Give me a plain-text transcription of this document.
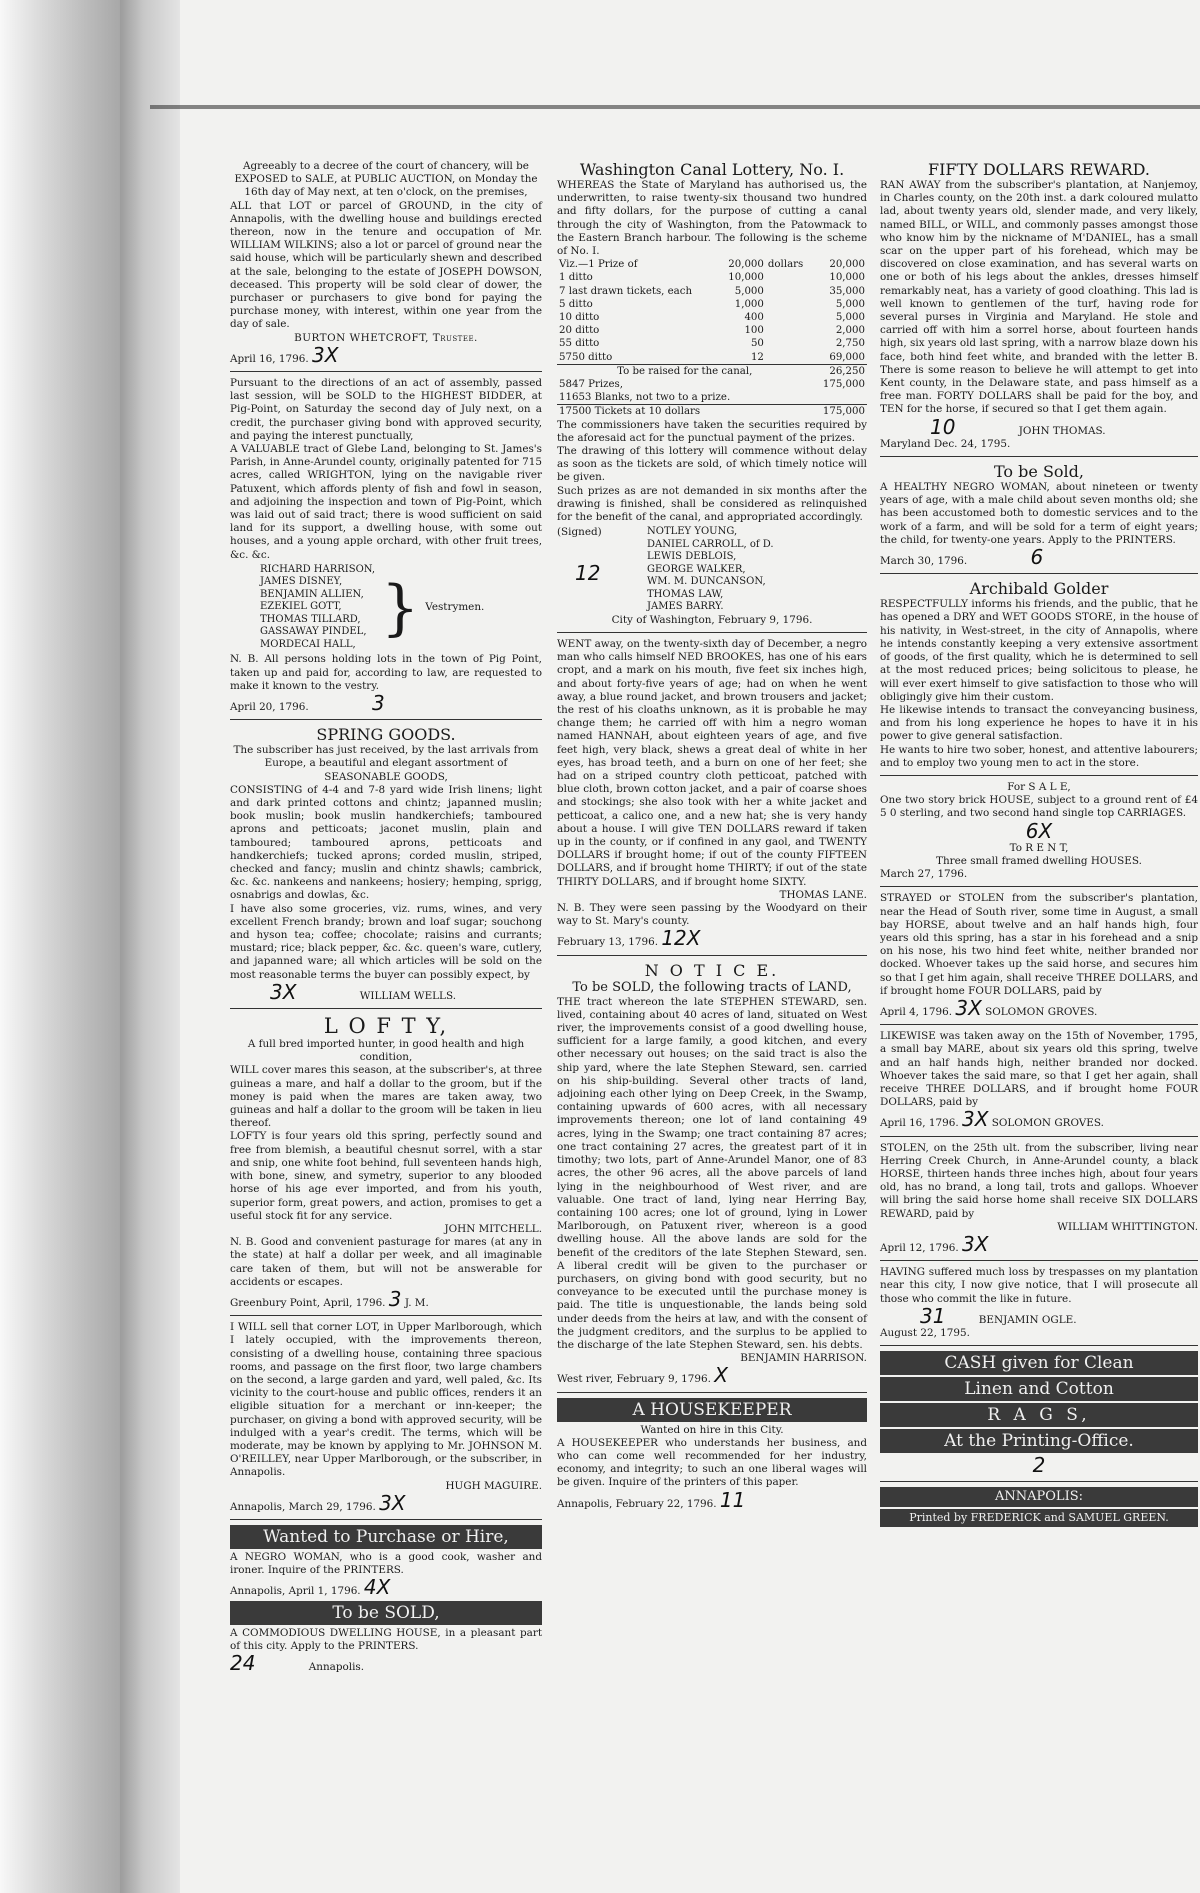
Agreeably to a decree of the court of chancery, will be EXPOSED to SALE, at PUBLIC AUCTION, on Monday the 16th day of May next, at ten o'clock, on the premises,

ALL that LOT or parcel of GROUND, in the city of Annapolis, with the dwelling house and buildings erected thereon, now in the tenure and occupation of Mr. WILLIAM WILKINS; also a lot or parcel of ground near the said house, which will be particularly shewn and described at the sale, belonging to the estate of JOSEPH DOWSON, deceased. This property will be sold clear of dower, the purchaser or purchasers to give bond for paying the purchase money, with interest, within one year from the day of sale.

BURTON WHETCROFT, Trustee.

April 16, 1796. 3X

Pursuant to the directions of an act of assembly, passed last session, will be SOLD to the HIGHEST BIDDER, at Pig-Point, on Saturday the second day of July next, on a credit, the purchaser giving bond with approved security, and paying the interest punctually,

A VALUABLE tract of Glebe Land, belonging to St. James's Parish, in Anne-Arundel county, originally patented for 715 acres, called WRIGHTON, lying on the navigable river Patuxent, which affords plenty of fish and fowl in season, and adjoining the inspection and town of Pig-Point, which was laid out of said tract; there is wood sufficient on said land for its support, a dwelling house, with some out houses, and a young apple orchard, with other fruit trees, &c. &c.

RICHARD HARRISON,
JAMES DISNEY,
BENJAMIN ALLIEN,
EZEKIEL GOTT,
THOMAS TILLARD,
GASSAWAY PINDEL,
MORDECAI HALL,
} Vestrymen.

N. B. All persons holding lots in the town of Pig Point, taken up and paid for, according to law, are requested to make it known to the vestry.

April 20, 1796.	3

SPRING GOODS.

The subscriber has just received, by the last arrivals from Europe, a beautiful and elegant assortment of

SEASONABLE GOODS,

CONSISTING of 4-4 and 7-8 yard wide Irish linens; light and dark printed cottons and chintz; japanned muslin; book muslin; book muslin handkerchiefs; tamboured aprons and petticoats; jaconet muslin, plain and tamboured; tamboured aprons, petticoats and handkerchiefs; tucked aprons; corded muslin, striped, checked and fancy; muslin and chintz shawls; cambrick, &c. &c. nankeens and nankeens; hosiery; hemping, sprigg, osnabrigs and dowlas, &c.

I have also some groceries, viz. rums, wines, and very excellent French brandy; brown and loaf sugar; souchong and hyson tea; coffee; chocolate; raisins and currants; mustard; rice; black pepper, &c. &c. queen's ware, cutlery, and japanned ware; all which articles will be sold on the most reasonable terms the buyer can possibly expect, by

3X	WILLIAM WELLS.

L O F T Y,

A full bred imported hunter, in good health and high condition,

WILL cover mares this season, at the subscriber's, at three guineas a mare, and half a dollar to the groom, but if the money is paid when the mares are taken away, two guineas and half a dollar to the groom will be taken in lieu thereof.

LOFTY is four years old this spring, perfectly sound and free from blemish, a beautiful chesnut sorrel, with a star and snip, one white foot behind, full seventeen hands high, with bone, sinew, and symetry, superior to any blooded horse of his age ever imported, and from his youth, superior form, great powers, and action, promises to get a useful stock fit for any service.

JOHN MITCHELL.

N. B. Good and convenient pasturage for mares (at any in the state) at half a dollar per week, and all imaginable care taken of them, but will not be answerable for accidents or escapes.

Greenbury Point, April, 1796. 3 J. M.

I WILL sell that corner LOT, in Upper Marlborough, which I lately occupied, with the improvements thereon, consisting of a dwelling house, containing three spacious rooms, and passage on the first floor, two large chambers on the second, a large garden and yard, well paled, &c. Its vicinity to the court-house and public offices, renders it an eligible situation for a merchant or inn-keeper; the purchaser, on giving a bond with approved security, will be indulged with a year's credit. The terms, which will be moderate, may be known by applying to Mr. JOHNSON M. O'REILLEY, near Upper Marlborough, or the subscriber, in Annapolis.

HUGH MAGUIRE.

Annapolis, March 29, 1796. 3X

Wanted to Purchase or Hire,

A NEGRO WOMAN, who is a good cook, washer and ironer. Inquire of the PRINTERS.

Annapolis, April 1, 1796. 4X

To be SOLD,

A COMMODIOUS DWELLING HOUSE, in a pleasant part of this city. Apply to the PRINTERS.

24	Annapolis.

Washington Canal Lottery, No. I.

WHEREAS the State of Maryland has authorised us, the underwritten, to raise twenty-six thousand two hundred and fifty dollars, for the purpose of cutting a canal through the city of Washington, from the Patowmack to the Eastern Branch harbour. The following is the scheme of No. I.

Viz.—1 Prize of	20,000	dollars	20,000
1 ditto	10,000		10,000
7 last drawn tickets, each	5,000		35,000
5 ditto	1,000		5,000
10 ditto	400		5,000
20 ditto	100		2,000
55 ditto	50		2,750
5750 ditto	12		69,000
To be raised for the canal,			26,250
5847 Prizes,			175,000
11653 Blanks, not two to a prize.			
17500 Tickets at 10 dollars			175,000

The commissioners have taken the securities required by the aforesaid act for the punctual payment of the prizes.

The drawing of this lottery will commence without delay as soon as the tickets are sold, of which timely notice will be given.

Such prizes as are not demanded in six months after the drawing is finished, shall be considered as relinquished for the benefit of the canal, and appropriated accordingly.

(Signed)
12
NOTLEY YOUNG,
DANIEL CARROLL, of D.
LEWIS DEBLOIS,
GEORGE WALKER,
WM. M. DUNCANSON,
THOMAS LAW,
JAMES BARRY.

City of Washington, February 9, 1796.

WENT away, on the twenty-sixth day of December, a negro man who calls himself NED BROOKES, has one of his ears cropt, and a mark on his mouth, five feet six inches high, and about forty-five years of age; had on when he went away, a blue round jacket, and brown trousers and jacket; the rest of his cloaths unknown, as it is probable he may change them; he carried off with him a negro woman named HANNAH, about eighteen years of age, and five feet high, very black, shews a great deal of white in her eyes, has broad teeth, and a burn on one of her feet; she had on a striped country cloth petticoat, patched with blue cloth, brown cotton jacket, and a pair of coarse shoes and stockings; she also took with her a white jacket and petticoat, a calico one, and a new hat; she is very handy about a house. I will give TEN DOLLARS reward if taken up in the county, or if confined in any gaol, and TWENTY DOLLARS if brought home; if out of the county FIFTEEN DOLLARS, and if brought home THIRTY; if out of the state THIRTY DOLLARS, and if brought home SIXTY.

THOMAS LANE.

N. B. They were seen passing by the Woodyard on their way to St. Mary's county.

February 13, 1796. 12X

N O T I C E.

To be SOLD, the following tracts of LAND,

THE tract whereon the late STEPHEN STEWARD, sen. lived, containing about 40 acres of land, situated on West river, the improvements consist of a good dwelling house, sufficient for a large family, a good kitchen, and every other necessary out houses; on the said tract is also the ship yard, where the late Stephen Steward, sen. carried on his ship-building. Several other tracts of land, adjoining each other lying on Deep Creek, in the Swamp, containing upwards of 600 acres, with all necessary improvements thereon; one lot of land containing 49 acres, lying in the Swamp; one tract containing 87 acres; one tract containing 27 acres, the greatest part of it in timothy; two lots, part of Anne-Arundel Manor, one of 83 acres, the other 96 acres, all the above parcels of land lying in the neighbourhood of West river, and are valuable. One tract of land, lying near Herring Bay, containing 100 acres; one lot of ground, lying in Lower Marlborough, on Patuxent river, whereon is a good dwelling house. All the above lands are sold for the benefit of the creditors of the late Stephen Steward, sen. A liberal credit will be given to the purchaser or purchasers, on giving bond with good security, but no conveyance to be executed until the purchase money is paid. The title is unquestionable, the lands being sold under deeds from the heirs at law, and with the consent of the judgment creditors, and the surplus to be applied to the discharge of the late Stephen Steward, sen. his debts.

BENJAMIN HARRISON.

West river, February 9, 1796. X

A HOUSEKEEPER

Wanted on hire in this City.

A HOUSEKEEPER who understands her business, and who can come well recommended for her industry, economy, and integrity; to such an one liberal wages will be given. Inquire of the printers of this paper.

Annapolis, February 22, 1796. 11

FIFTY DOLLARS REWARD.

RAN AWAY from the subscriber's plantation, at Nanjemoy, in Charles county, on the 20th inst. a dark coloured mulatto lad, about twenty years old, slender made, and very likely, named BILL, or WILL, and commonly passes amongst those who know him by the nickname of M'DANIEL, has a small scar on the upper part of his forehead, which may be discovered on close examination, and has several warts on one or both of his legs about the ankles, dresses himself remarkably neat, has a variety of good cloathing. This lad is well known to gentlemen of the turf, having rode for several purses in Virginia and Maryland. He stole and carried off with him a sorrel horse, about fourteen hands high, six years old last spring, with a narrow blaze down his face, both hind feet white, and branded with the letter B. There is some reason to believe he will attempt to get into Kent county, in the Delaware state, and pass himself as a free man. FORTY DOLLARS shall be paid for the boy, and TEN for the horse, if secured so that I get them again.

10	JOHN THOMAS.

Maryland Dec. 24, 1795.

To be Sold,

A HEALTHY NEGRO WOMAN, about nineteen or twenty years of age, with a male child about seven months old; she has been accustomed both to domestic services and to the work of a farm, and will be sold for a term of eight years; the child, for twenty-one years. Apply to the PRINTERS.

March 30, 1796.	6

Archibald Golder

RESPECTFULLY informs his friends, and the public, that he has opened a DRY and WET GOODS STORE, in the house of his nativity, in West-street, in the city of Annapolis, where he intends constantly keeping a very extensive assortment of goods, of the first quality, which he is determined to sell at the most reduced prices; being solicitous to please, he will ever exert himself to give satisfaction to those who will obligingly give him their custom.

He likewise intends to transact the conveyancing business, and from his long experience he hopes to have it in his power to give general satisfaction.

He wants to hire two sober, honest, and attentive labourers; and to employ two young men to act in the store.

For S A L E,

One two story brick HOUSE, subject to a ground rent of £4 5 0 sterling, and two second hand single top CARRIAGES.

6X

To R E N T,

Three small framed dwelling HOUSES.

March 27, 1796.

STRAYED or STOLEN from the subscriber's plantation, near the Head of South river, some time in August, a small bay HORSE, about twelve and an half hands high, four years old this spring, has a star in his forehead and a snip on his nose, his two hind feet white, neither branded nor docked. Whoever takes up the said horse, and secures him so that I get him again, shall receive THREE DOLLARS, and if brought home FOUR DOLLARS, paid by

April 4, 1796. 3X SOLOMON GROVES.

LIKEWISE was taken away on the 15th of November, 1795, a small bay MARE, about six years old this spring, twelve and an half hands high, neither branded nor docked. Whoever takes the said mare, so that I get her again, shall receive THREE DOLLARS, and if brought home FOUR DOLLARS, paid by

April 16, 1796. 3X SOLOMON GROVES.

STOLEN, on the 25th ult. from the subscriber, living near Herring Creek Church, in Anne-Arundel county, a black HORSE, thirteen hands three inches high, about four years old, has no brand, a long tail, trots and gallops. Whoever will bring the said horse home shall receive SIX DOLLARS REWARD, paid by

WILLIAM WHITTINGTON.

April 12, 1796. 3X

HAVING suffered much loss by trespasses on my plantation near this city, I now give notice, that I will prosecute all those who commit the like in future.

31	BENJAMIN OGLE.

August 22, 1795.

CASH given for Clean

Linen and Cotton

R A G S,

At the Printing-Office.

2

ANNAPOLIS:

Printed by FREDERICK and SAMUEL GREEN.
